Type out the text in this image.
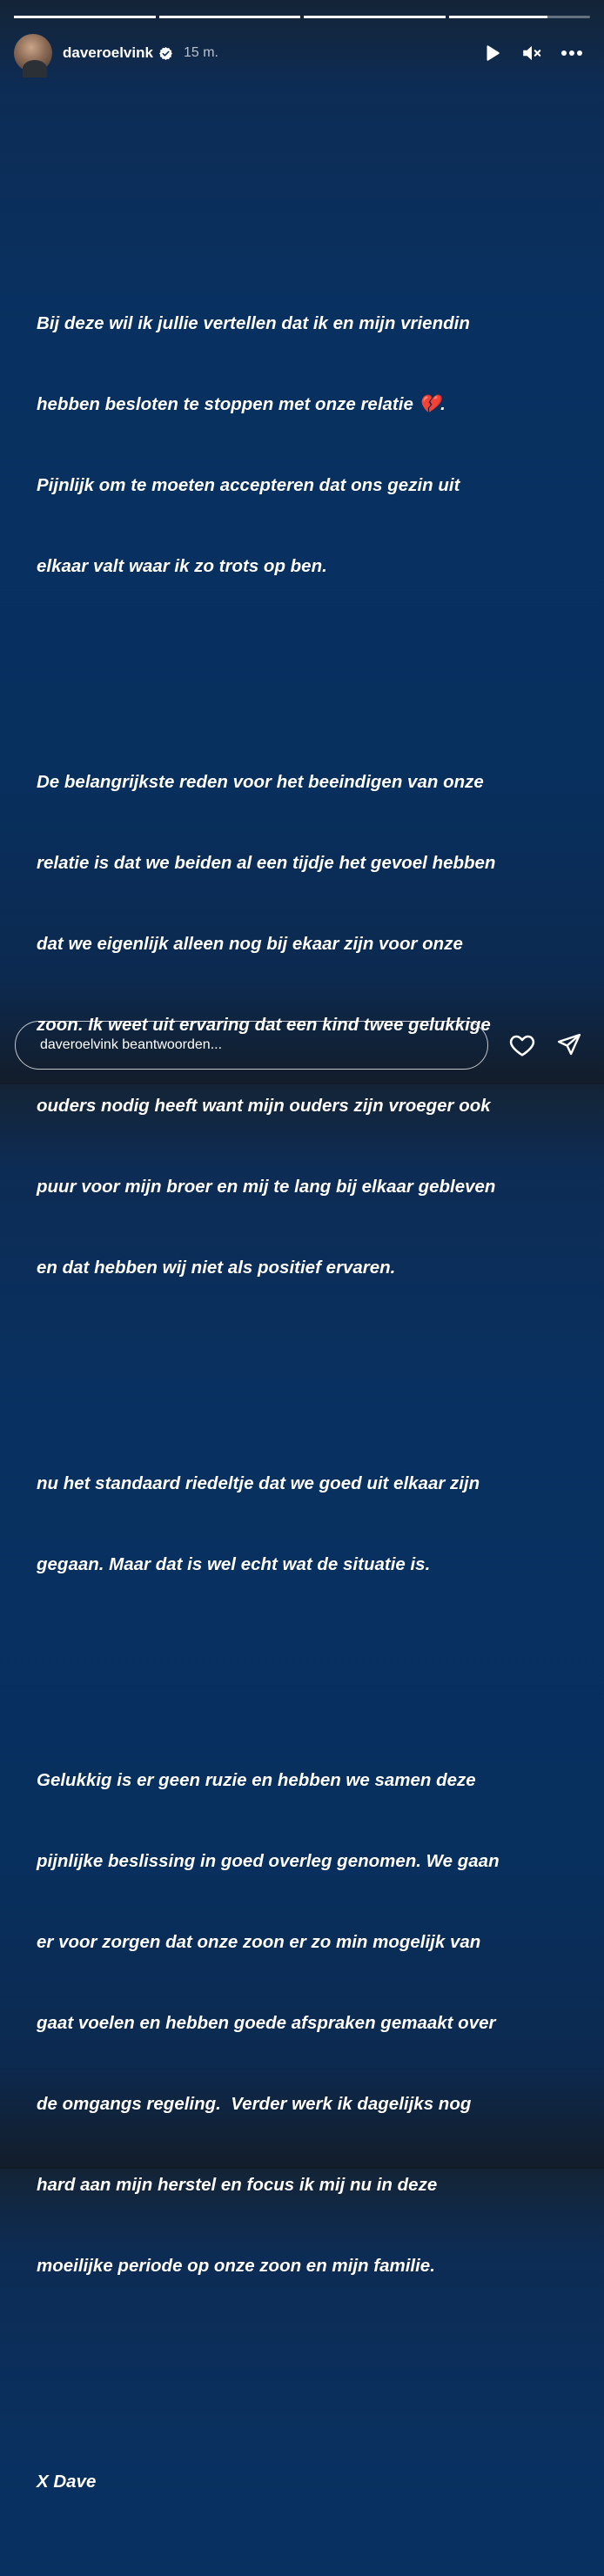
daveroelvink 15 m.

Bij deze wil ik jullie vertellen dat ik en mijn vriendin

hebben besloten te stoppen met onze relatie 💔.

Pijnlijk om te moeten accepteren dat ons gezin uit

elkaar valt waar ik zo trots op ben.

De belangrijkste reden voor het beeindigen van onze

relatie is dat we beiden al een tijdje het gevoel hebben

dat we eigenlijk alleen nog bij ekaar zijn voor onze

zoon. Ik weet uit ervaring dat een kind twee gelukkige

ouders nodig heeft want mijn ouders zijn vroeger ook

puur voor mijn broer en mij te lang bij elkaar gebleven

en dat hebben wij niet als positief ervaren.

nu het standaard riedeltje dat we goed uit elkaar zijn

gegaan. Maar dat is wel echt wat de situatie is.

Gelukkig is er geen ruzie en hebben we samen deze

pijnlijke beslissing in goed overleg genomen. We gaan

er voor zorgen dat onze zoon er zo min mogelijk van

gaat voelen en hebben goede afspraken gemaakt over

de omgangs regeling.  Verder werk ik dagelijks nog

hard aan mijn herstel en focus ik mij nu in deze

moeilijke periode op onze zoon en mijn familie.

X Dave

daveroelvink beantwoorden...
